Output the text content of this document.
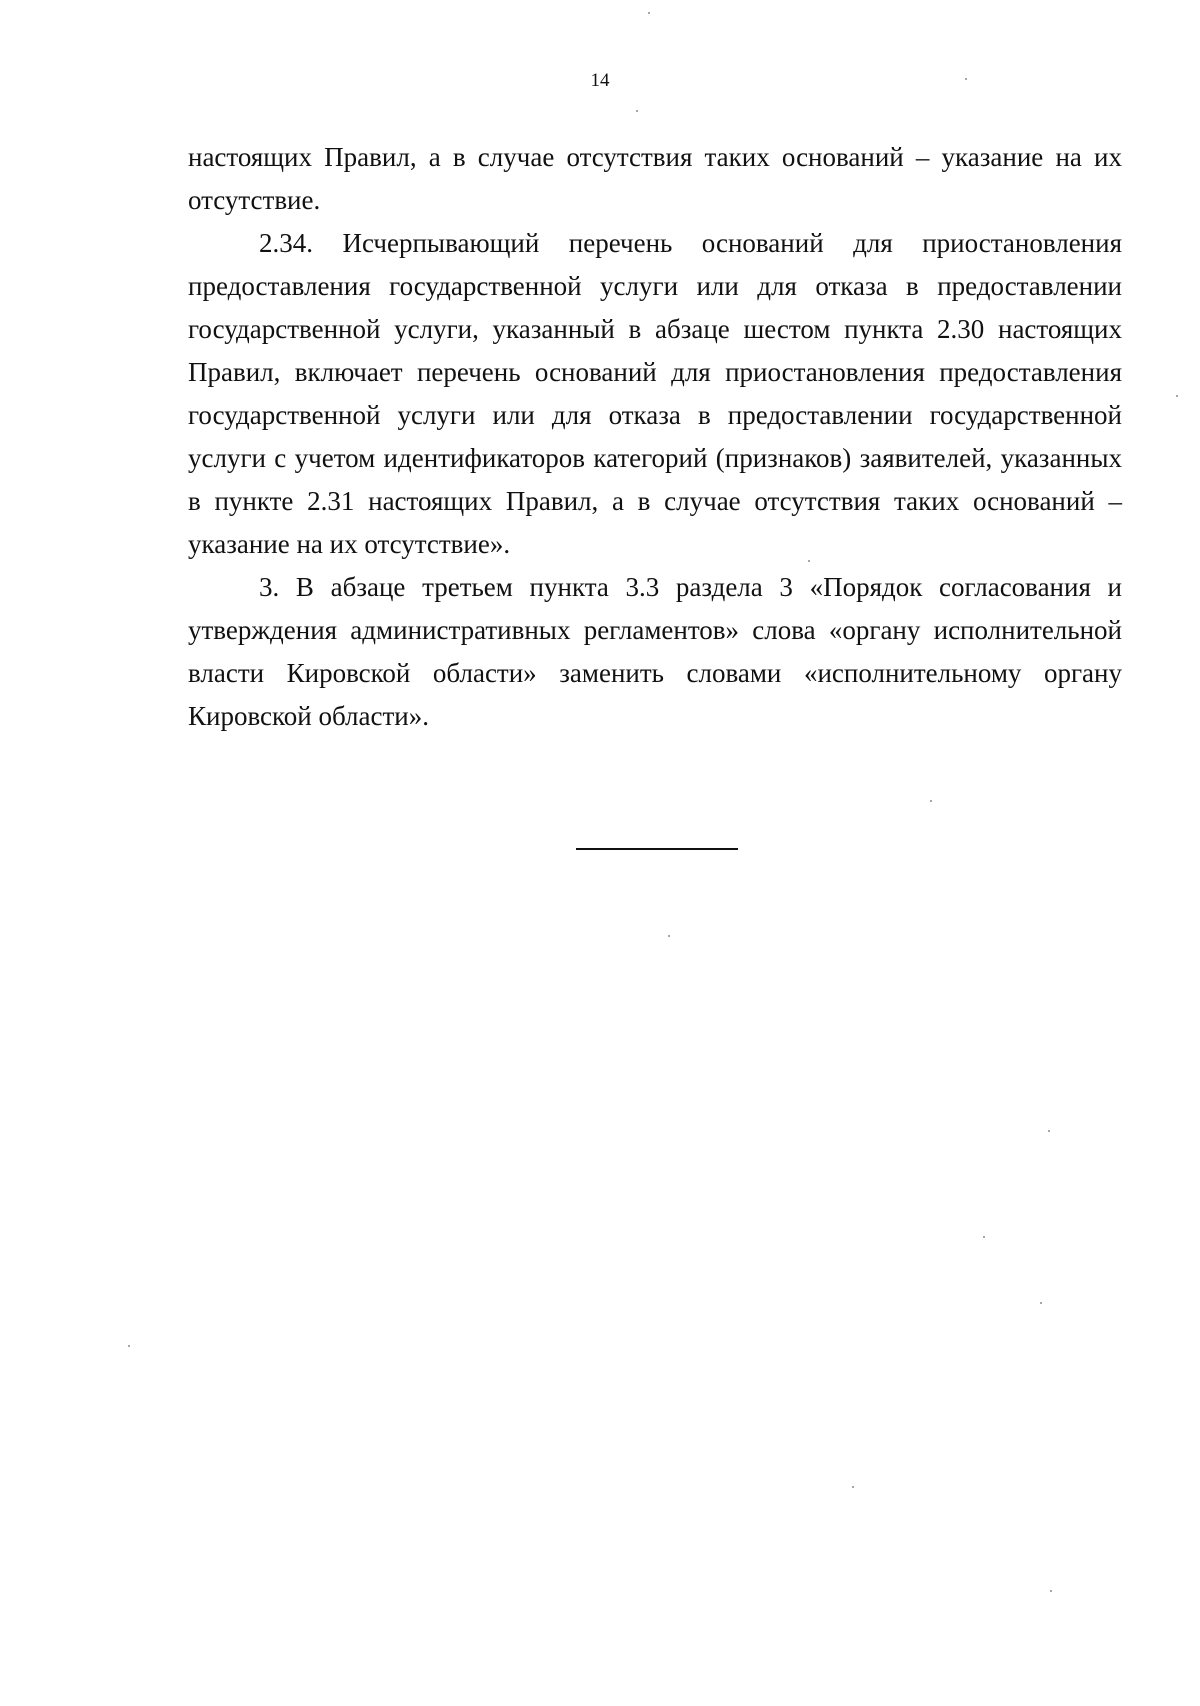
14

настоящих Правил, а в случае отсутствия таких оснований – указание на их отсутствие.

2.34. Исчерпывающий перечень оснований для приостановления предоставления государственной услуги или для отказа в предоставлении государственной услуги, указанный в абзаце шестом пункта 2.30 настоящих Правил, включает перечень оснований для приостановления предоставления государственной услуги или для отказа в предоставлении государственной услуги с учетом идентификаторов категорий (признаков) заявителей, указанных в пункте 2.31 настоящих Правил, а в случае отсутствия таких оснований – указание на их отсутствие».

3. В абзаце третьем пункта 3.3 раздела 3 «Порядок согласования и утверждения административных регламентов» слова «органу исполнительной власти Кировской области» заменить словами «исполнительному органу Кировской области».
